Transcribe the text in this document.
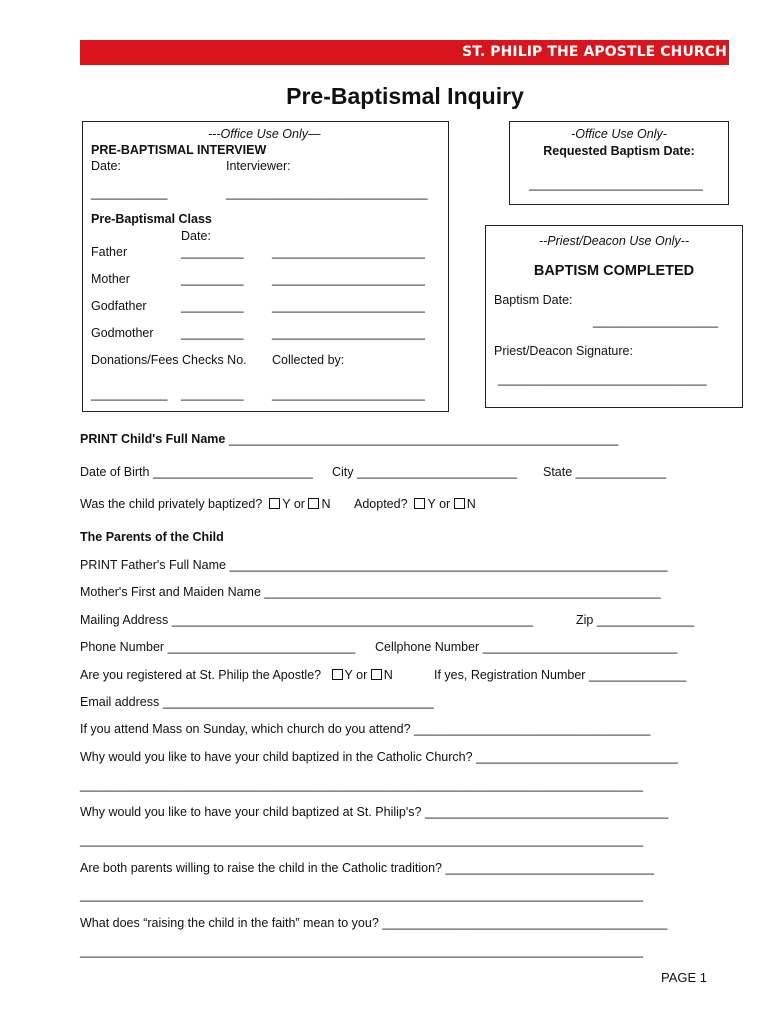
ST. PHILIP THE APOSTLE CHURCH
Pre-Baptismal Inquiry
---Office Use Only—
PRE-BAPTISMAL INTERVIEW
Date:	Interviewer:
___________	_____________________________
Pre-Baptismal Class
Date:
Father	_________ ______________________
Mother	_________ ______________________
Godfather	_________ ______________________
Godmother _________ ______________________
Donations/Fees Checks No. Collected by:
___________ _________ ______________________
-Office Use Only-
Requested Baptism Date:
_________________________
--Priest/Deacon Use Only--
BAPTISM COMPLETED
Baptism Date:
__________________
Priest/Deacon Signature:
______________________________
PRINT Child's Full Name ________________________________________________________
Date of Birth _______________________ City _______________________ State _____________
Was the child privately baptized? Y or N Adopted? Y or N
The Parents of the Child
PRINT Father's Full Name _______________________________________________________________
Mother's First and Maiden Name _________________________________________________________
Mailing Address ____________________________________________________	Zip ______________
Phone Number ___________________________ Cellphone Number ____________________________
Are you registered at St. Philip the Apostle? Y or N	If yes, Registration Number ______________
Email address _______________________________________
If you attend Mass on Sunday, which church do you attend? __________________________________
Why would you like to have your child baptized in the Catholic Church? _____________________________
_________________________________________________________________________________
Why would you like to have your child baptized at St. Philip's? ___________________________________
_________________________________________________________________________________
Are both parents willing to raise the child in the Catholic tradition? ______________________________
_________________________________________________________________________________
What does “raising the child in the faith” mean to you? _________________________________________
_________________________________________________________________________________
PAGE 1
